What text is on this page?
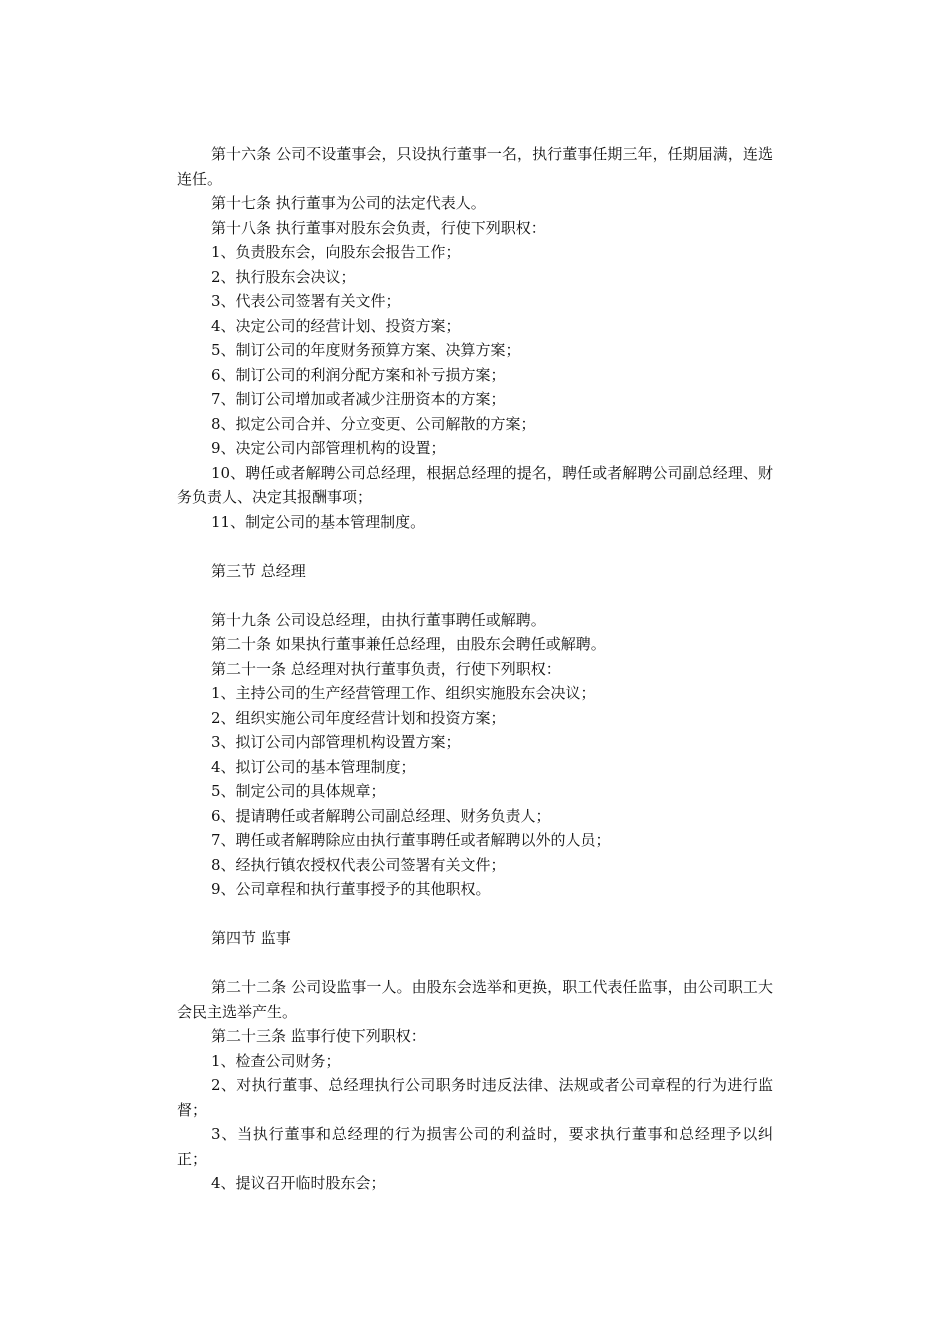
第十六条 公司不设董事会，只设执行董事一名，执行董事任期三年，任期届满，连选连任。

第十七条 执行董事为公司的法定代表人。

第十八条 执行董事对股东会负责，行使下列职权：

1、负责股东会，向股东会报告工作；

2、执行股东会决议；

3、代表公司签署有关文件；

4、决定公司的经营计划、投资方案；

5、制订公司的年度财务预算方案、决算方案；

6、制订公司的利润分配方案和补亏损方案；

7、制订公司增加或者减少注册资本的方案；

8、拟定公司合并、分立变更、公司解散的方案；

9、决定公司内部管理机构的设置；

10、聘任或者解聘公司总经理，根据总经理的提名，聘任或者解聘公司副总经理、财务负责人、决定其报酬事项；

11、制定公司的基本管理制度。

第三节 总经理

第十九条 公司设总经理，由执行董事聘任或解聘。

第二十条 如果执行董事兼任总经理，由股东会聘任或解聘。

第二十一条 总经理对执行董事负责，行使下列职权：

1、主持公司的生产经营管理工作、组织实施股东会决议；

2、组织实施公司年度经营计划和投资方案；

3、拟订公司内部管理机构设置方案；

4、拟订公司的基本管理制度；

5、制定公司的具体规章；

6、提请聘任或者解聘公司副总经理、财务负责人；

7、聘任或者解聘除应由执行董事聘任或者解聘以外的人员；

8、经执行镇农授权代表公司签署有关文件；

9、公司章程和执行董事授予的其他职权。

第四节 监事

第二十二条 公司设监事一人。由股东会选举和更换，职工代表任监事，由公司职工大会民主选举产生。

第二十三条 监事行使下列职权：

1、检查公司财务；

2、对执行董事、总经理执行公司职务时违反法律、法规或者公司章程的行为进行监督；

3、当执行董事和总经理的行为损害公司的利益时，要求执行董事和总经理予以纠正；

4、提议召开临时股东会；
